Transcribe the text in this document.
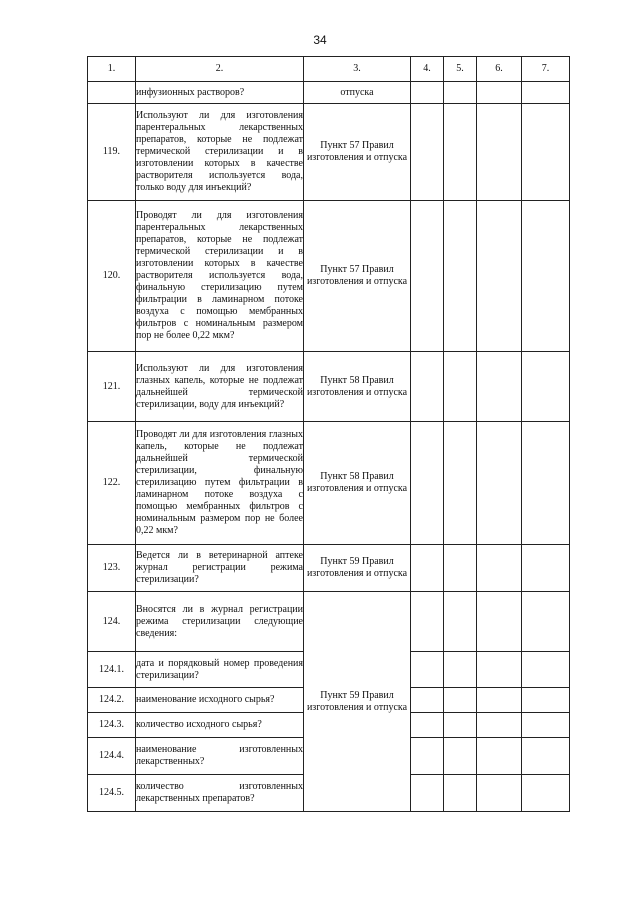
34
1.	2.	3.	4.	5.	6.	7.
	инфузионных растворов?	отпуска				
119.	Используют ли для изготовления парентеральных лекарственных препаратов, которые не подлежат термической стерилизации и в изготовлении которых в качестве растворителя используется вода, только воду для инъекций?	Пункт 57 Правил изготовления и отпуска				
120.	Проводят ли для изготовления парентеральных лекарственных препаратов, которые не подлежат термической стерилизации и в изготовлении которых в качестве растворителя используется вода, финальную стерилизацию путем фильтрации в ламинарном потоке воздуха с помощью мембранных фильтров с номинальным размером пор не более 0,22 мкм?	Пункт 57 Правил изготовления и отпуска				
121.	Используют ли для изготовления глазных капель, которые не подлежат дальнейшей термической стерилизации, воду для инъекций?	Пункт 58 Правил изготовления и отпуска				
122.	Проводят ли для изготовления глазных капель, которые не подлежат дальнейшей термической стерилизации, финальную стерилизацию путем фильтрации в ламинарном потоке воздуха с помощью мембранных фильтров с номинальным размером пор не более 0,22 мкм?	Пункт 58 Правил изготовления и отпуска				
123.	Ведется ли в ветеринарной аптеке журнал регистрации режима стерилизации?	Пункт 59 Правил изготовления и отпуска				
124.	Вносятся ли в журнал регистрации режима стерилизации следующие сведения:	Пункт 59 Правил изготовления и отпуска				
124.1.	дата и порядковый номер проведения стерилизации?					
124.2.	наименование исходного сырья?					
124.3.	количество исходного сырья?					
124.4.	наименование изготовленных лекарственных?					
124.5.	количество изготовленных лекарственных препаратов?					
